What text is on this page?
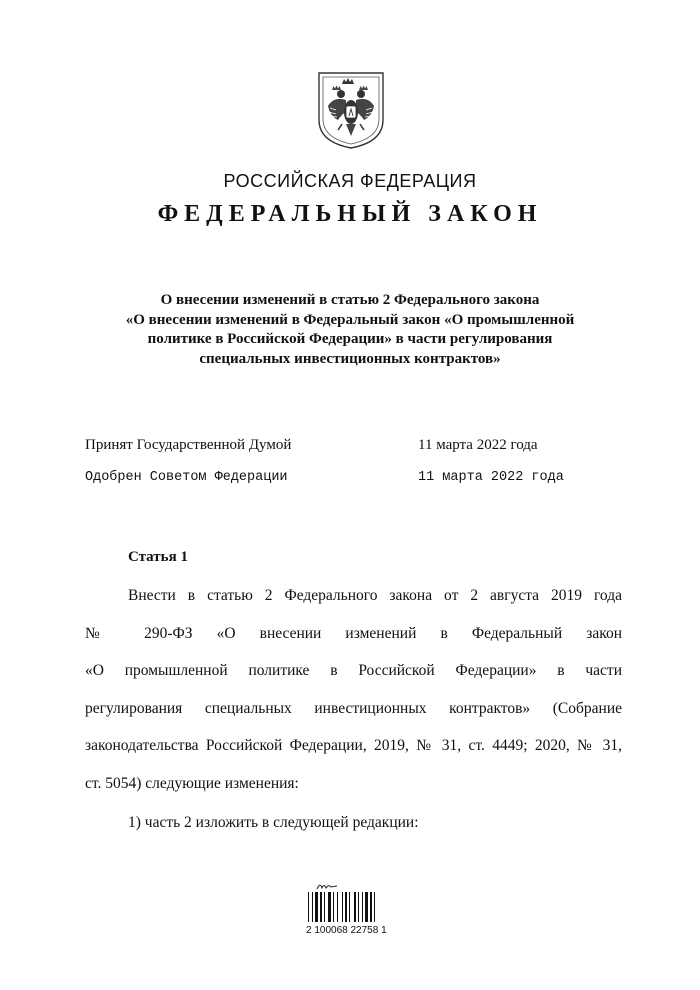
РОССИЙСКАЯ ФЕДЕРАЦИЯ
ФЕДЕРАЛЬНЫЙ ЗАКОН
О внесении изменений в статью 2 Федерального закона
«О внесении изменений в Федеральный закон «О промышленной
политике в Российской Федерации» в части регулирования
специальных инвестиционных контрактов»
Принят Государственной Думой	11 марта 2022 года
Одобрен Советом Федерации	11 марта 2022 года
Статья 1
Внести в статью 2 Федерального закона от 2 августа 2019 года
№ 290-ФЗ «О внесении изменений в Федеральный закон
«О промышленной политике в Российской Федерации» в части
регулирования специальных инвестиционных контрактов» (Собрание
законодательства Российской Федерации, 2019, № 31, ст. 4449; 2020, № 31,
ст. 5054) следующие изменения:
1) часть 2 изложить в следующей редакции:
2 100068 22758 1
